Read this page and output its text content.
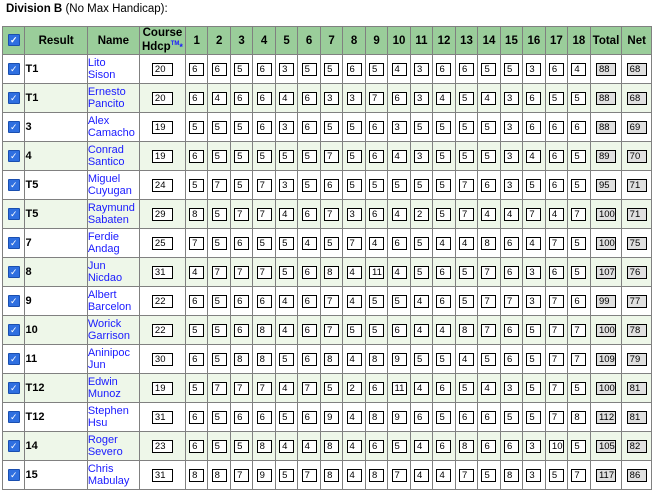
Division B (No Max Handicap):
✓	Result	Name	Course
Hdcp™*	1	2	3	4	5	6	7	8	9	10	11	12	13	14	15	16	17	18	Total	Net
✓	T1	Lito
Sison	20	6	6	5	6	3	5	5	6	5	4	3	6	6	5	5	3	6	4	88	68
✓	T1	Ernesto
Pancito	20	6	4	6	6	4	6	3	3	7	6	3	4	5	4	3	6	5	5	88	68
✓	3	Alex
Camacho	19	5	5	5	6	3	6	5	5	6	3	5	5	5	5	3	6	6	6	88	69
✓	4	Conrad
Santico	19	6	5	5	5	5	5	7	5	6	4	3	5	5	5	3	4	6	5	89	70
✓	T5	Miguel
Cuyugan	24	5	7	5	7	3	5	6	5	5	5	5	5	7	6	3	5	6	5	95	71
✓	T5	Raymund
Sabaten	29	8	5	7	7	4	6	7	3	6	4	2	5	7	4	4	7	4	7	100	71
✓	7	Ferdie
Andag	25	7	5	6	5	5	4	5	7	4	6	5	4	4	8	6	4	7	5	100	75
✓	8	Jun
Nicdao	31	4	7	7	7	5	6	8	4	11	4	5	6	5	7	6	3	6	5	107	76
✓	9	Albert
Barcelon	22	6	5	6	6	4	6	7	4	5	5	4	6	5	7	7	3	7	6	99	77
✓	10	Worick
Garrison	22	5	5	6	8	4	6	7	5	5	6	4	4	8	7	6	5	7	7	100	78
✓	11	Aninipoc
Jun	30	6	5	8	8	5	6	8	4	8	9	5	5	4	5	6	5	7	7	109	79
✓	T12	Edwin
Munoz	19	5	7	7	7	4	7	5	2	6	11	4	6	5	4	3	5	7	5	100	81
✓	T12	Stephen
Hsu	31	6	5	6	6	5	6	9	4	8	9	6	5	6	6	5	5	7	8	112	81
✓	14	Roger
Severo	23	6	5	5	8	4	4	8	4	6	5	4	6	8	6	6	3	10	5	105	82
✓	15	Chris
Mabulay	31	8	8	7	9	5	7	8	4	8	7	4	4	7	5	8	3	5	7	117	86
